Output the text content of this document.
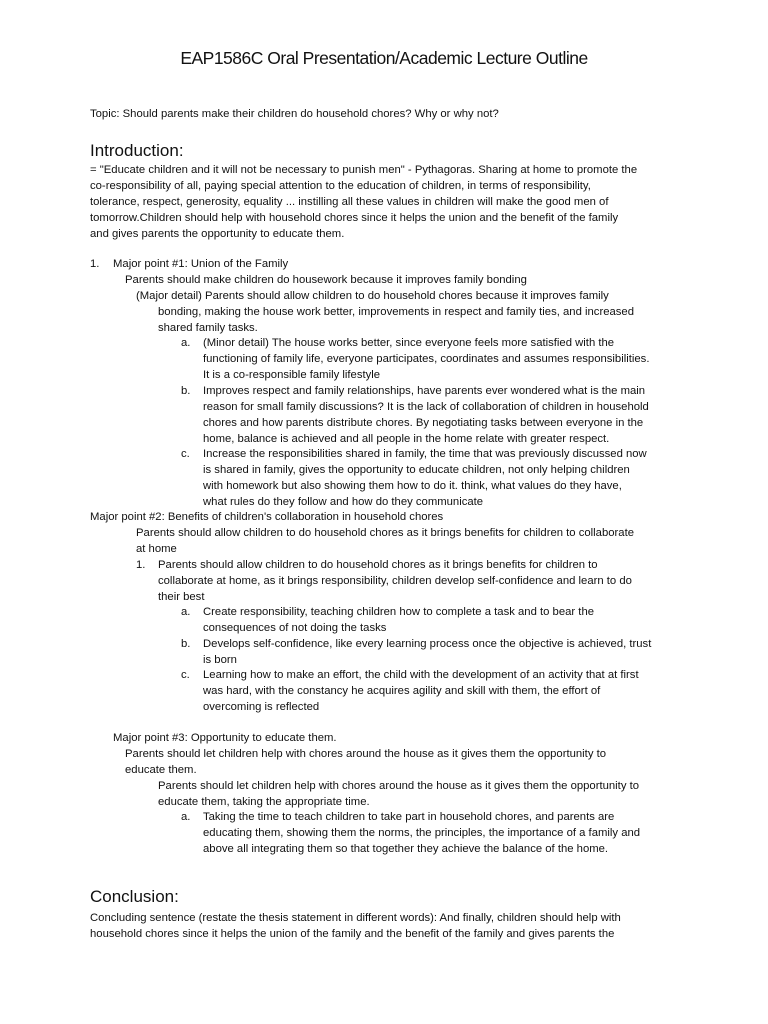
EAP1586C Oral Presentation/Academic Lecture Outline
Topic: Should parents make their children do household chores? Why or why not?
Introduction:
= "Educate children and it will not be necessary to punish men" - Pythagoras. Sharing at home to promote the
co-responsibility of all, paying special attention to the education of children, in terms of responsibility,
tolerance, respect, generosity, equality ... instilling all these values in children will make the good men of
tomorrow.Children should help with household chores since it helps the union and the benefit of the family
and gives parents the opportunity to educate them.
1. Major point #1: Union of the Family
Parents should make children do housework because it improves family bonding
(Major detail) Parents should allow children to do household chores because it improves family
bonding, making the house work better, improvements in respect and family ties, and increased
shared family tasks.
a. (Minor detail) The house works better, since everyone feels more satisfied with the
functioning of family life, everyone participates, coordinates and assumes responsibilities.
It is a co-responsible family lifestyle
b. Improves respect and family relationships, have parents ever wondered what is the main
reason for small family discussions? It is the lack of collaboration of children in household
chores and how parents distribute chores. By negotiating tasks between everyone in the
home, balance is achieved and all people in the home relate with greater respect.
c. Increase the responsibilities shared in family, the time that was previously discussed now
is shared in family, gives the opportunity to educate children, not only helping children
with homework but also showing them how to do it. think, what values do they have,
what rules do they follow and how do they communicate
Major point #2: Benefits of children's collaboration in household chores
Parents should allow children to do household chores as it brings benefits for children to collaborate
at home
1. Parents should allow children to do household chores as it brings benefits for children to
collaborate at home, as it brings responsibility, children develop self-confidence and learn to do
their best
a. Create responsibility, teaching children how to complete a task and to bear the
consequences of not doing the tasks
b. Develops self-confidence, like every learning process once the objective is achieved, trust
is born
c. Learning how to make an effort, the child with the development of an activity that at first
was hard, with the constancy he acquires agility and skill with them, the effort of
overcoming is reflected
Major point #3: Opportunity to educate them.
Parents should let children help with chores around the house as it gives them the opportunity to
educate them.
Parents should let children help with chores around the house as it gives them the opportunity to
educate them, taking the appropriate time.
a. Taking the time to teach children to take part in household chores, and parents are
educating them, showing them the norms, the principles, the importance of a family and
above all integrating them so that together they achieve the balance of the home.
Conclusion:
Concluding sentence (restate the thesis statement in different words): And finally, children should help with
household chores since it helps the union of the family and the benefit of the family and gives parents the
